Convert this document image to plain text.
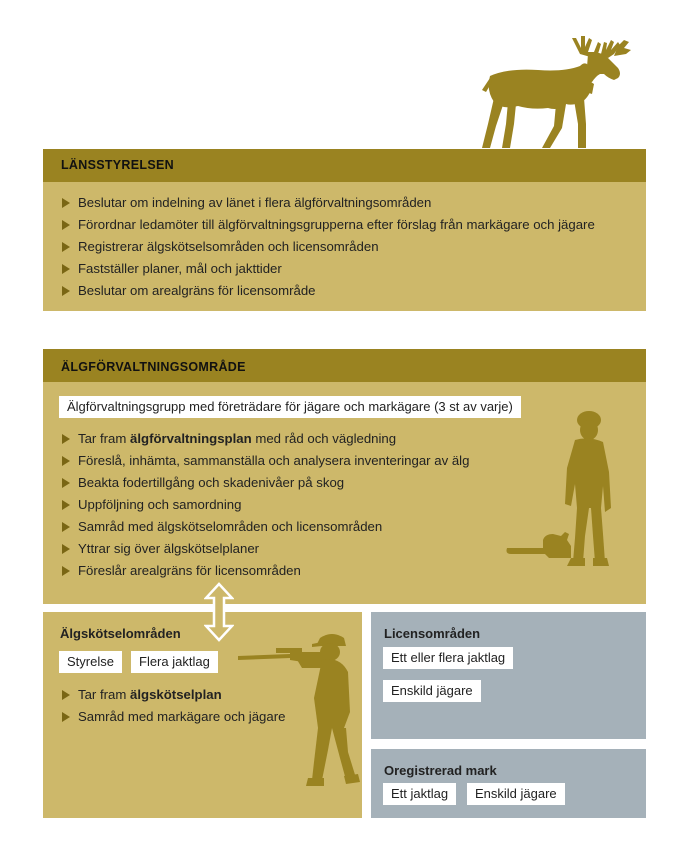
LÄNSSTYRELSEN
Beslutar om indelning av länet i flera älgförvaltningsområden
Förordnar ledamöter till älgförvaltningsgrupperna efter förslag från markägare och jägare
Registrerar älgskötselsområden och licensområden
Fastställer planer, mål och jakttider
Beslutar om arealgräns för licensområde
ÄLGFÖRVALTNINGSOMRÅDE
Älgförvaltningsgrupp med företrädare för jägare och markägare (3 st av varje)
Tar fram älgförvaltningsplan med råd och vägledning
Föreslå, inhämta, sammanställa och analysera inventeringar av älg
Beakta fodertillgång och skadenivåer på skog
Uppföljning och samordning
Samråd med älgskötselområden och licensområden
Yttrar sig över älgskötselplaner
Föreslår arealgräns för licensområden
Älgskötselområden
Styrelse	Flera jaktlag
Tar fram älgskötselplan
Samråd med markägare och jägare
Licensområden
Ett eller flera jaktlag
Enskild jägare
Oregistrerad mark
Ett jaktlag	Enskild jägare
